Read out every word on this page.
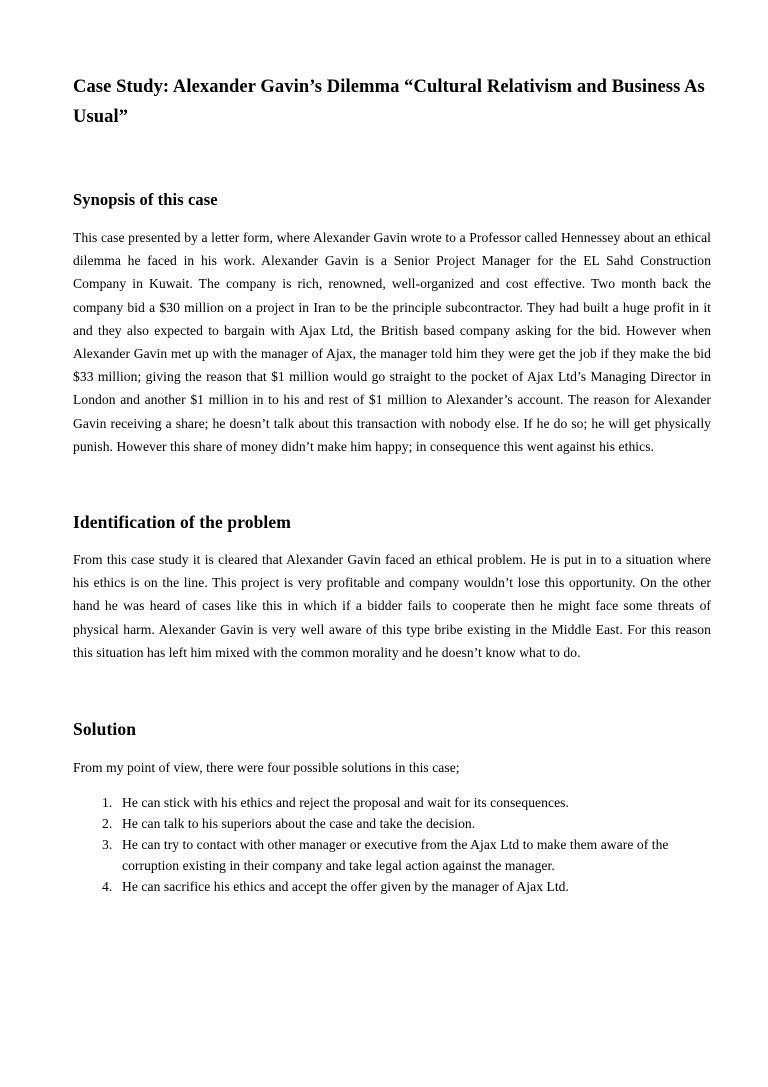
Case Study: Alexander Gavin’s Dilemma “Cultural Relativism and Business As Usual”
Synopsis of this case

This case presented by a letter form, where Alexander Gavin wrote to a Professor called Hennessey about an ethical dilemma he faced in his work. Alexander Gavin is a Senior Project Manager for the EL Sahd Construction Company in Kuwait. The company is rich, renowned, well-organized and cost effective. Two month back the company bid a $30 million on a project in Iran to be the principle subcontractor. They had built a huge profit in it and they also expected to bargain with Ajax Ltd, the British based company asking for the bid. However when Alexander Gavin met up with the manager of Ajax, the manager told him they were get the job if they make the bid $33 million; giving the reason that $1 million would go straight to the pocket of Ajax Ltd’s Managing Director in London and another $1 million in to his and rest of $1 million to Alexander’s account. The reason for Alexander Gavin receiving a share; he doesn’t talk about this transaction with nobody else. If he do so; he will get physically punish. However this share of money didn’t make him happy; in consequence this went against his ethics.

Identification of the problem

From this case study it is cleared that Alexander Gavin faced an ethical problem. He is put in to a situation where his ethics is on the line. This project is very profitable and company wouldn’t lose this opportunity. On the other hand he was heard of cases like this in which if a bidder fails to cooperate then he might face some threats of physical harm. Alexander Gavin is very well aware of this type bribe existing in the Middle East. For this reason this situation has left him mixed with the common morality and he doesn’t know what to do.

Solution

From my point of view, there were four possible solutions in this case;

1. He can stick with his ethics and reject the proposal and wait for its consequences.
2. He can talk to his superiors about the case and take the decision.
3. He can try to contact with other manager or executive from the Ajax Ltd to make them aware of the corruption existing in their company and take legal action against the manager.
4. He can sacrifice his ethics and accept the offer given by the manager of Ajax Ltd.
